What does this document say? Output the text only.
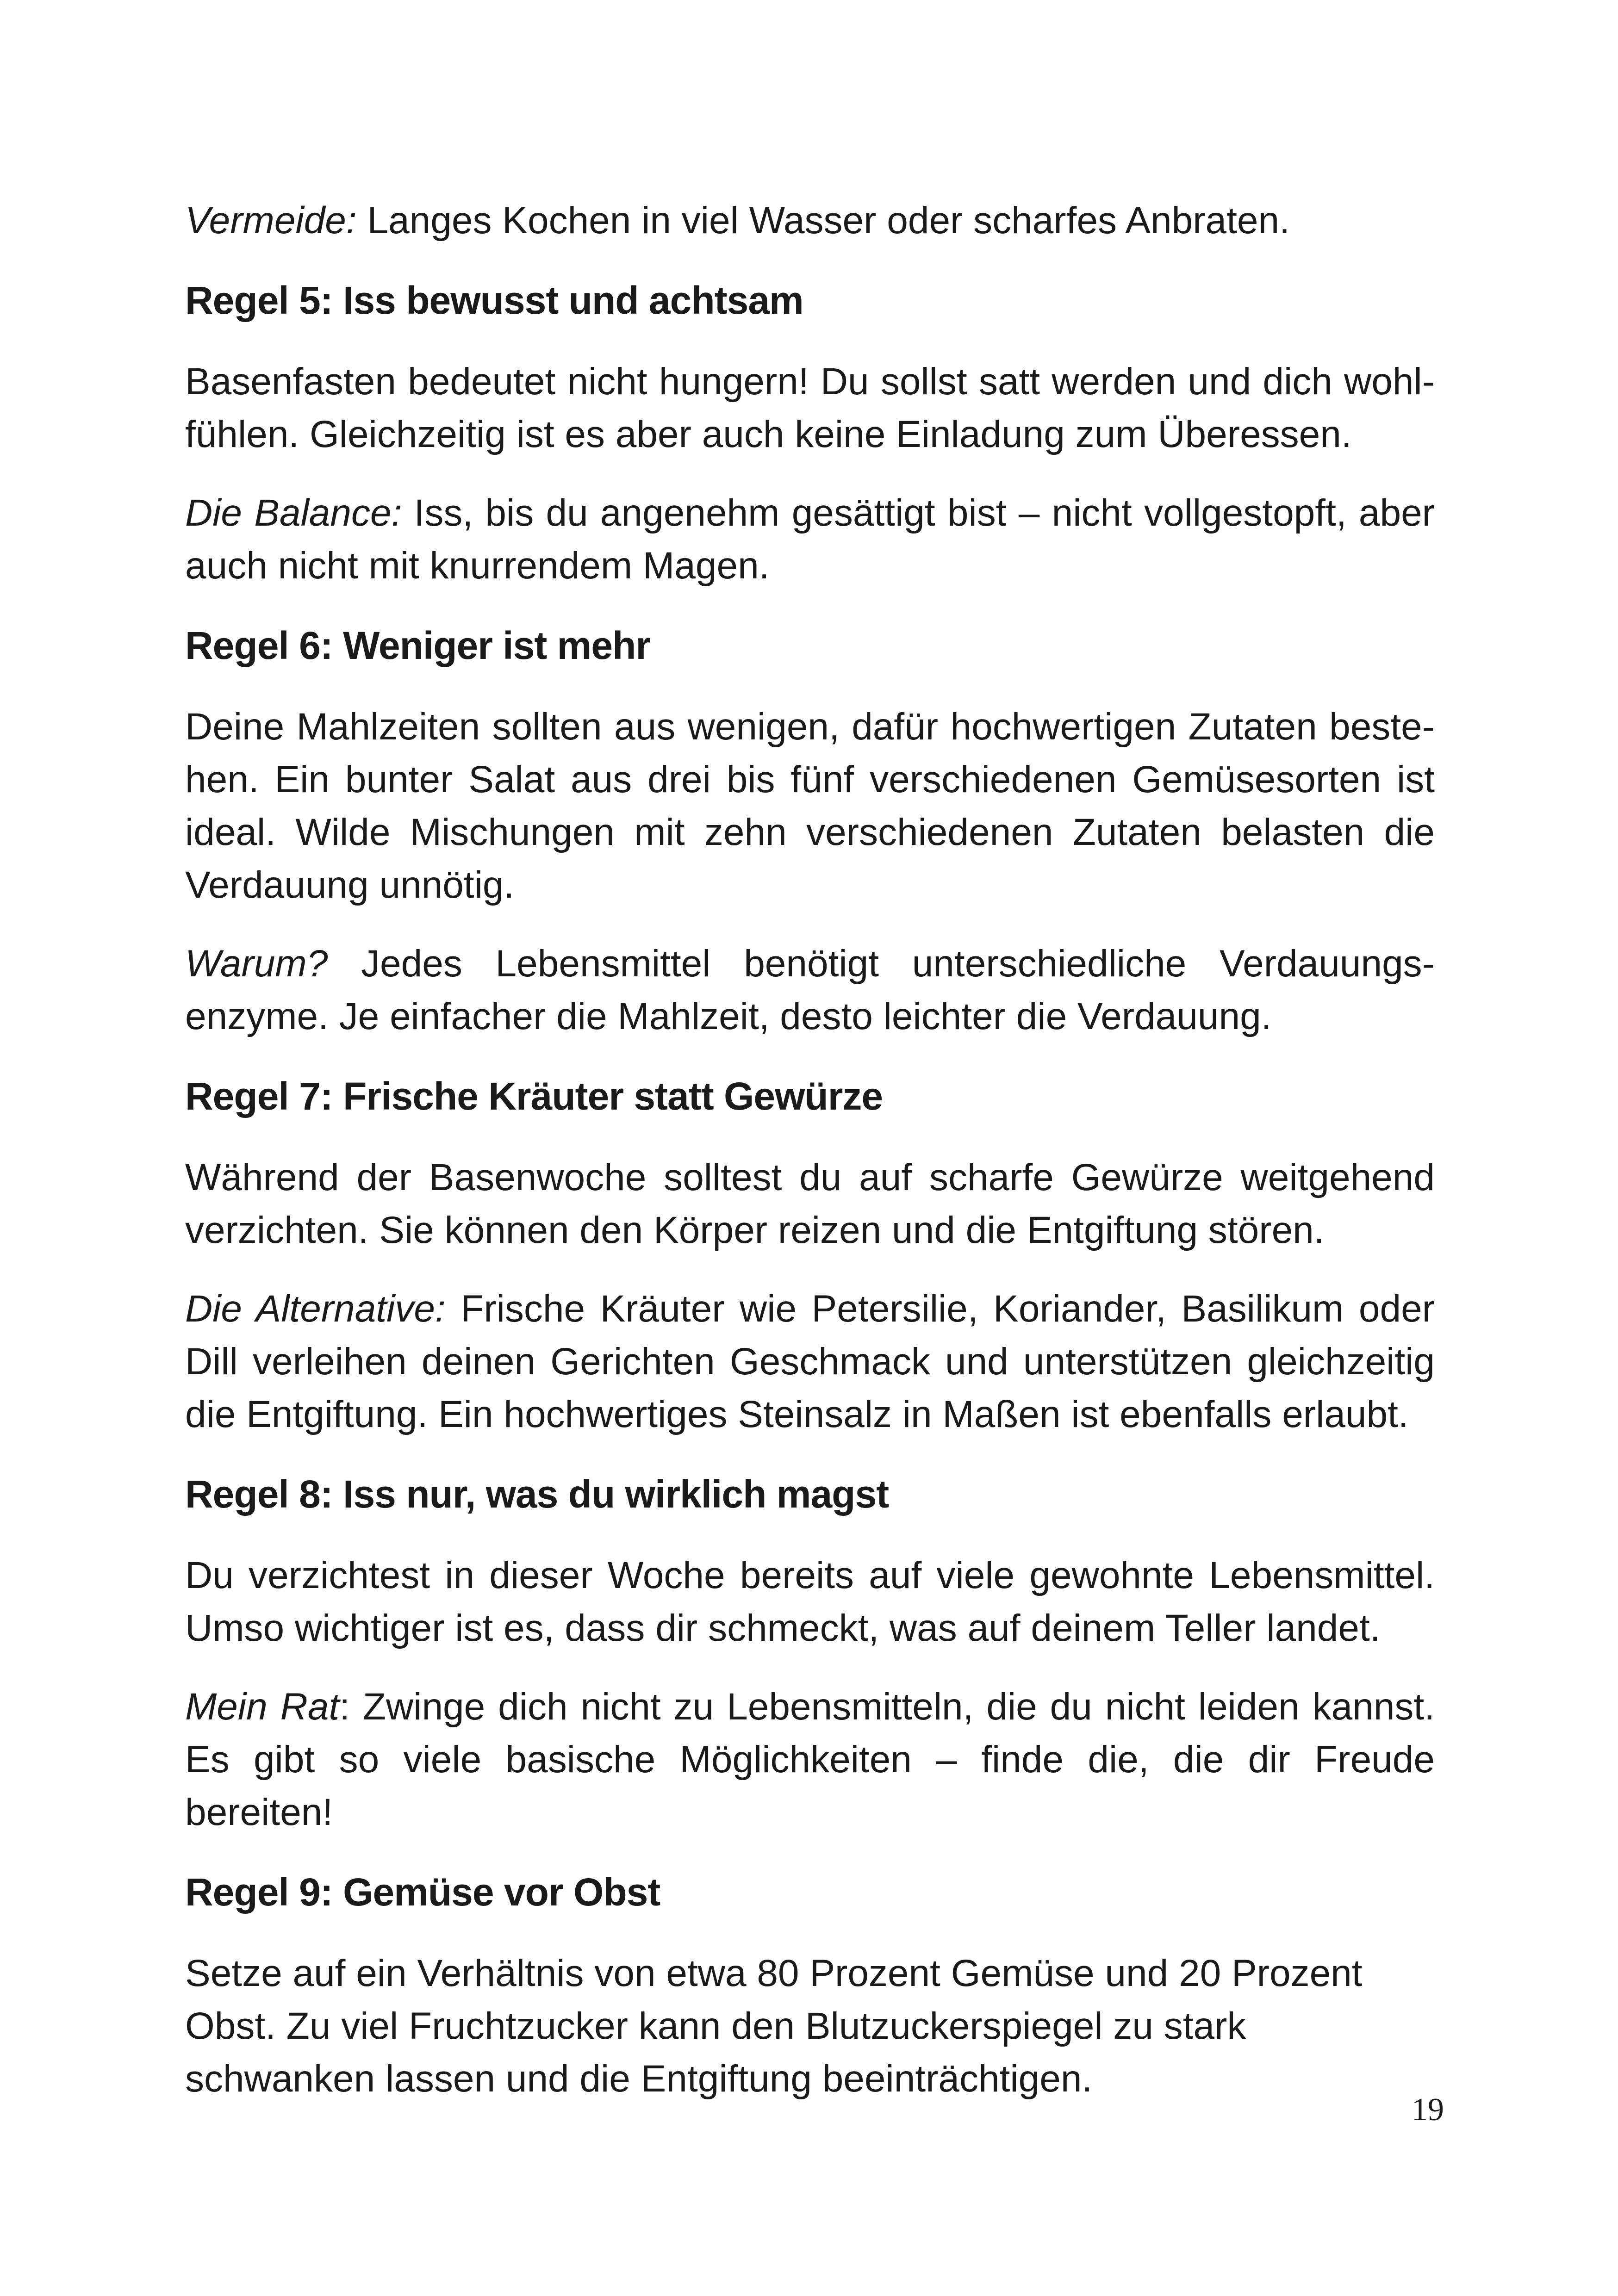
Vermeide: Langes Kochen in viel Wasser oder scharfes Anbraten.

Regel 5: Iss bewusst und achtsam

Basenfasten bedeutet nicht hungern! Du sollst satt werden und dich wohlfühlen. Gleichzeitig ist es aber auch keine Einladung zum Überessen.

Die Balance: Iss, bis du angenehm gesättigt bist – nicht vollgestopft, aber auch nicht mit knurrendem Magen.

Regel 6: Weniger ist mehr

Deine Mahlzeiten sollten aus wenigen, dafür hochwertigen Zutaten bestehen. Ein bunter Salat aus drei bis fünf verschiedenen Gemüsesorten ist ideal. Wilde Mischungen mit zehn verschiedenen Zutaten belasten die Verdauung unnötig.

Warum? Jedes Lebensmittel benötigt unterschiedliche Verdauungsenzyme. Je einfacher die Mahlzeit, desto leichter die Verdauung.

Regel 7: Frische Kräuter statt Gewürze

Während der Basenwoche solltest du auf scharfe Gewürze weitgehend verzichten. Sie können den Körper reizen und die Entgiftung stören.

Die Alternative: Frische Kräuter wie Petersilie, Koriander, Basilikum oder Dill verleihen deinen Gerichten Geschmack und unterstützen gleichzeitig die Entgiftung. Ein hochwertiges Steinsalz in Maßen ist ebenfalls erlaubt.

Regel 8: Iss nur, was du wirklich magst

Du verzichtest in dieser Woche bereits auf viele gewohnte Lebensmittel. Umso wichtiger ist es, dass dir schmeckt, was auf deinem Teller landet.

Mein Rat: Zwinge dich nicht zu Lebensmitteln, die du nicht leiden kannst. Es gibt so viele basische Möglichkeiten – finde die, die dir Freude bereiten!

Regel 9: Gemüse vor Obst

Setze auf ein Verhältnis von etwa 80 Prozent Gemüse und 20 Prozent Obst. Zu viel Fruchtzucker kann den Blutzuckerspiegel zu stark schwanken lassen und die Entgiftung beeinträchtigen.

19
